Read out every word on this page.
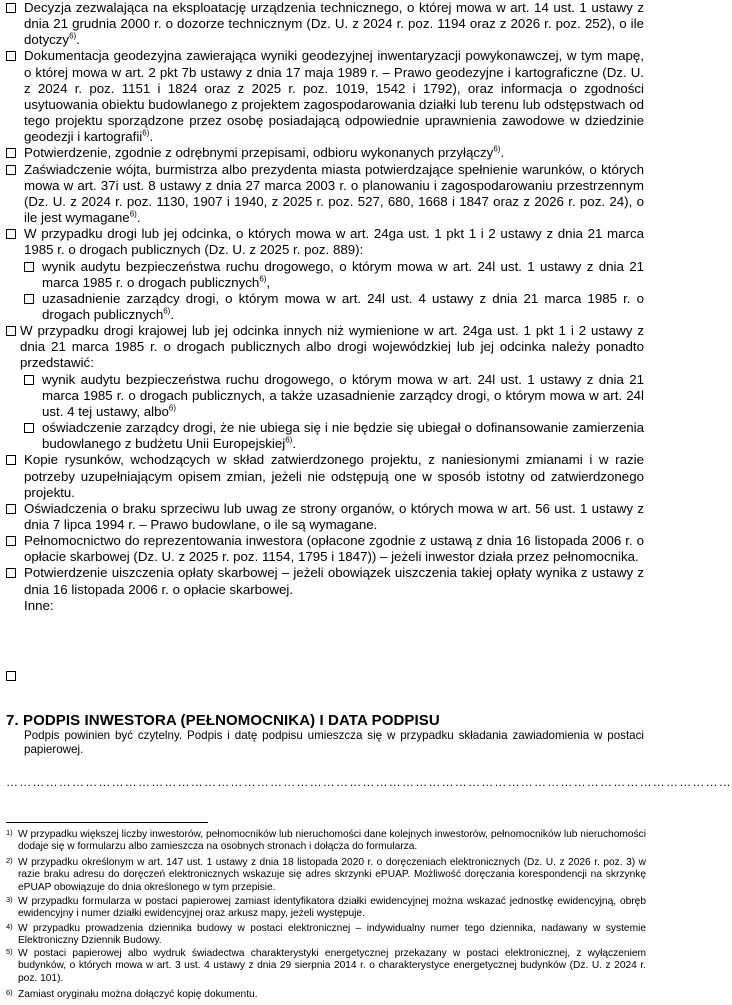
Decyzja zezwalająca na eksploatację urządzenia technicznego, o której mowa w art. 14 ust. 1 ustawy z dnia 21 grudnia 2000 r. o dozorze technicznym (Dz. U. z 2024 r. poz. 1194 oraz z 2026 r. poz. 252), o ile dotyczy$^{6)}$.
Dokumentacja geodezyjna zawierająca wyniki geodezyjnej inwentaryzacji powykonawczej, w tym mapę, o której mowa w art. 2 pkt 7b ustawy z dnia 17 maja 1989 r. – Prawo geodezyjne i kartograficzne (Dz. U. z 2024 r. poz. 1151 i 1824 oraz z 2025 r. poz. 1019, 1542 i 1792), oraz informacja o zgodności usytuowania obiektu budowlanego z projektem zagospodarowania działki lub terenu lub odstępstwach od tego projektu sporządzone przez osobę posiadającą odpowiednie uprawnienia zawodowe w dziedzinie geodezji i kartografii$^{6)}$.
Potwierdzenie, zgodnie z odrębnymi przepisami, odbioru wykonanych przyłączy$^{6)}$.
Zaświadczenie wójta, burmistrza albo prezydenta miasta potwierdzające spełnienie warunków, o których mowa w art. 37i ust. 8 ustawy z dnia 27 marca 2003 r. o planowaniu i zagospodarowaniu przestrzennym (Dz. U. z 2024 r. poz. 1130, 1907 i 1940, z 2025 r. poz. 527, 680, 1668 i 1847 oraz z 2026 r. poz. 24), o ile jest wymagane$^{6)}$.
W przypadku drogi lub jej odcinka, o których mowa w art. 24ga ust. 1 pkt 1 i 2 ustawy z dnia 21 marca 1985 r. o drogach publicznych (Dz. U. z 2025 r. poz. 889):
wynik audytu bezpieczeństwa ruchu drogowego, o którym mowa w art. 24l ust. 1 ustawy z dnia 21 marca 1985 r. o drogach publicznych$^{6)}$,
uzasadnienie zarządcy drogi, o którym mowa w art. 24l ust. 4 ustawy z dnia 21 marca 1985 r. o drogach publicznych$^{6)}$.
W przypadku drogi krajowej lub jej odcinka innych niż wymienione w art. 24ga ust. 1 pkt 1 i 2 ustawy z dnia 21 marca 1985 r. o drogach publicznych albo drogi wojewódzkiej lub jej odcinka należy ponadto przedstawić:
wynik audytu bezpieczeństwa ruchu drogowego, o którym mowa w art. 24l ust. 1 ustawy z dnia 21 marca 1985 r. o drogach publicznych, a także uzasadnienie zarządcy drogi, o którym mowa w art. 24l ust. 4 tej ustawy, albo$^{6)}$
oświadczenie zarządcy drogi, że nie ubiega się i nie będzie się ubiegał o dofinansowanie zamierzenia budowlanego z budżetu Unii Europejskiej$^{6)}$.
Kopie rysunków, wchodzących w skład zatwierdzonego projektu, z naniesionymi zmianami i w razie potrzeby uzupełniającym opisem zmian, jeżeli nie odstępują one w sposób istotny od zatwierdzonego projektu.
Oświadczenia o braku sprzeciwu lub uwag ze strony organów, o których mowa w art. 56 ust. 1 ustawy z dnia 7 lipca 1994 r. – Prawo budowlane, o ile są wymagane.
Pełnomocnictwo do reprezentowania inwestora (opłacone zgodnie z ustawą z dnia 16 listopada 2006 r. o opłacie skarbowej (Dz. U. z 2025 r. poz. 1154, 1795 i 1847)) – jeżeli inwestor działa przez pełnomocnika.
Potwierdzenie uiszczenia opłaty skarbowej – jeżeli obowiązek uiszczenia takiej opłaty wynika z ustawy z dnia 16 listopada 2006 r. o opłacie skarbowej.
Inne:
7. PODPIS INWESTORA (PEŁNOMOCNIKA) I DATA PODPISU
Podpis powinien być czytelny. Podpis i datę podpisu umieszcza się w przypadku składania zawiadomienia w postaci papierowej.
…………………………………………………………………………………………………………………………………………………
1) W przypadku większej liczby inwestorów, pełnomocników lub nieruchomości dane kolejnych inwestorów, pełnomocników lub nieruchomości dodaje się w formularzu albo zamieszcza na osobnych stronach i dołącza do formularza.
2) W przypadku określonym w art. 147 ust. 1 ustawy z dnia 18 listopada 2020 r. o doręczeniach elektronicznych (Dz. U. z 2026 r. poz. 3) w razie braku adresu do doręczeń elektronicznych wskazuje się adres skrzynki ePUAP. Możliwość doręczania korespondencji na skrzynkę ePUAP obowiązuje do dnia określonego w tym przepisie.
3) W przypadku formularza w postaci papierowej zamiast identyfikatora działki ewidencyjnej można wskazać jednostkę ewidencyjną, obręb ewidencyjny i numer działki ewidencyjnej oraz arkusz mapy, jeżeli występuje.
4) W przypadku prowadzenia dziennika budowy w postaci elektronicznej – indywidualny numer tego dziennika, nadawany w systemie Elektroniczny Dziennik Budowy.
5) W postaci papierowej albo wydruk świadectwa charakterystyki energetycznej przekazany w postaci elektronicznej, z wyłączeniem budynków, o których mowa w art. 3 ust. 4 ustawy z dnia 29 sierpnia 2014 r. o charakterystyce energetycznej budynków (Dz. U. z 2024 r. poz. 101).
6) Zamiast oryginału można dołączyć kopię dokumentu.
